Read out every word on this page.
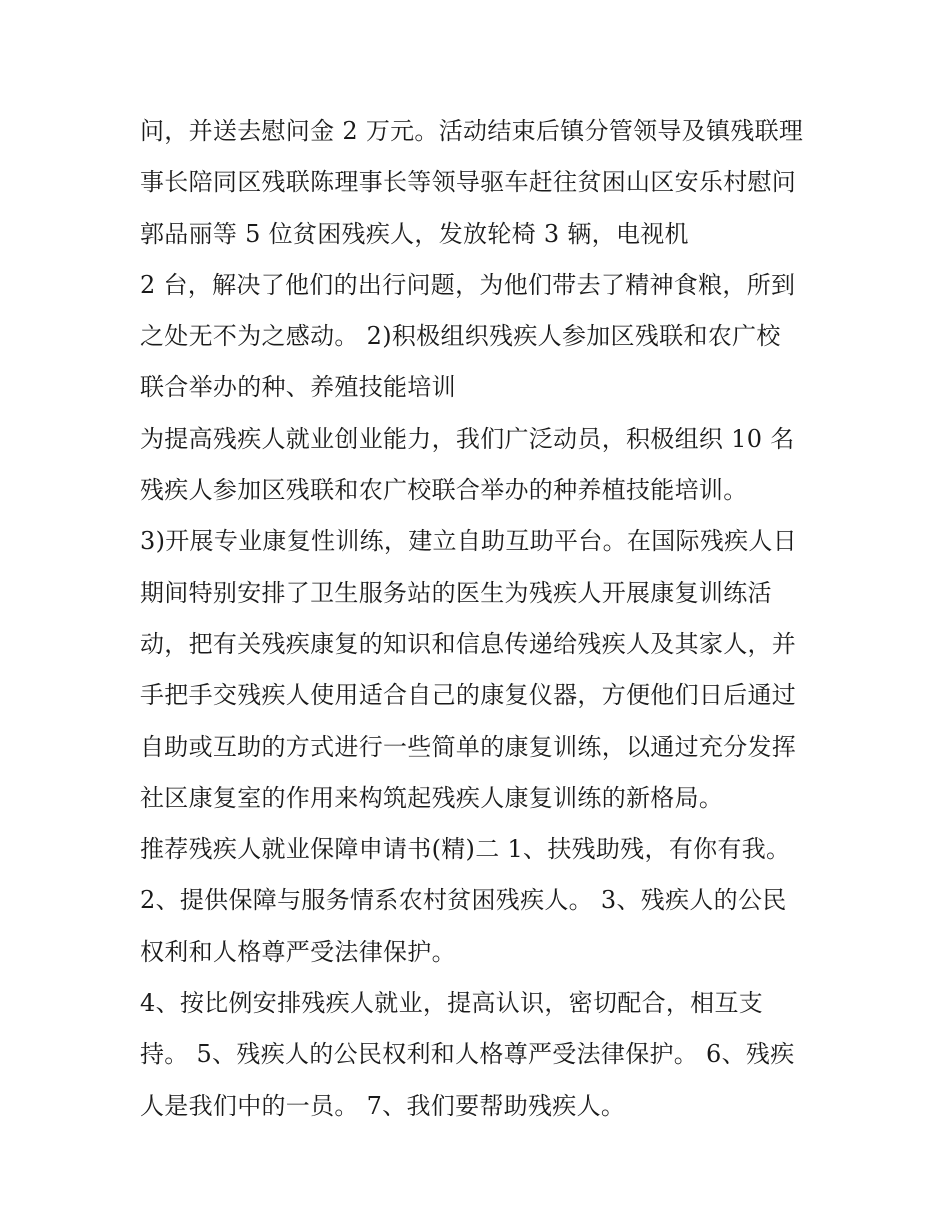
问，并送去慰问金 2 万元。活动结束后镇分管领导及镇残联理
事长陪同区残联陈理事长等领导驱车赶往贫困山区安乐村慰问
郭品丽等 5 位贫困残疾人，发放轮椅 3 辆，电视机
2 台，解决了他们的出行问题，为他们带去了精神食粮，所到
之处无不为之感动。 2)积极组织残疾人参加区残联和农广校
联合举办的种、养殖技能培训
为提高残疾人就业创业能力，我们广泛动员，积极组织 10 名
残疾人参加区残联和农广校联合举办的种养植技能培训。
3)开展专业康复性训练，建立自助互助平台。在国际残疾人日
期间特别安排了卫生服务站的医生为残疾人开展康复训练活
动，把有关残疾康复的知识和信息传递给残疾人及其家人，并
手把手交残疾人使用适合自己的康复仪器，方便他们日后通过
自助或互助的方式进行一些简单的康复训练，以通过充分发挥
社区康复室的作用来构筑起残疾人康复训练的新格局。
推荐残疾人就业保障申请书(精)二 1、扶残助残，有你有我。
2、提供保障与服务情系农村贫困残疾人。 3、残疾人的公民
权利和人格尊严受法律保护。
4、按比例安排残疾人就业，提高认识，密切配合，相互支
持。 5、残疾人的公民权利和人格尊严受法律保护。 6、残疾
人是我们中的一员。 7、我们要帮助残疾人。
